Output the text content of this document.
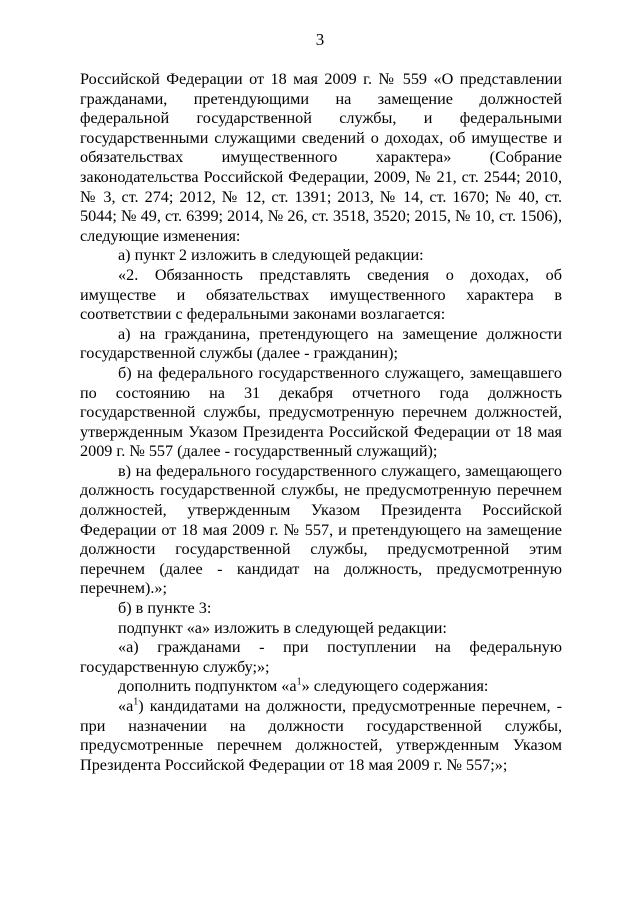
3

Российской Федерации от 18 мая 2009 г. № 559 «О представлении гражданами, претендующими на замещение должностей федеральной государственной службы, и федеральными государственными служащими сведений о доходах, об имуществе и обязательствах имущественного характера» (Собрание законодательства Российской Федерации, 2009, № 21, ст. 2544; 2010, № 3, ст. 274; 2012, № 12, ст. 1391; 2013, № 14, ст. 1670; № 40, ст. 5044; № 49, ст. 6399; 2014, № 26, ст. 3518, 3520; 2015, № 10, ст. 1506), следующие изменения:

а) пункт 2 изложить в следующей редакции:

«2. Обязанность представлять сведения о доходах, об имуществе и обязательствах имущественного характера в соответствии с федеральными законами возлагается:

а) на гражданина, претендующего на замещение должности государственной службы (далее - гражданин);

б) на федерального государственного служащего, замещавшего по состоянию на 31 декабря отчетного года должность государственной службы, предусмотренную перечнем должностей, утвержденным Указом Президента Российской Федерации от 18 мая 2009 г. № 557 (далее - государственный служащий);

в) на федерального государственного служащего, замещающего должность государственной службы, не предусмотренную перечнем должностей, утвержденным Указом Президента Российской Федерации от 18 мая 2009 г. № 557, и претендующего на замещение должности государственной службы, предусмотренной этим перечнем (далее - кандидат на должность, предусмотренную перечнем).»;

б) в пункте 3:

подпункт «а» изложить в следующей редакции:

«а) гражданами - при поступлении на федеральную государственную службу;»;

дополнить подпунктом «$а^1$» следующего содержания:

«$а^1$) кандидатами на должности, предусмотренные перечнем, - при назначении на должности государственной службы, предусмотренные перечнем должностей, утвержденным Указом Президента Российской Федерации от 18 мая 2009 г. № 557;»;
